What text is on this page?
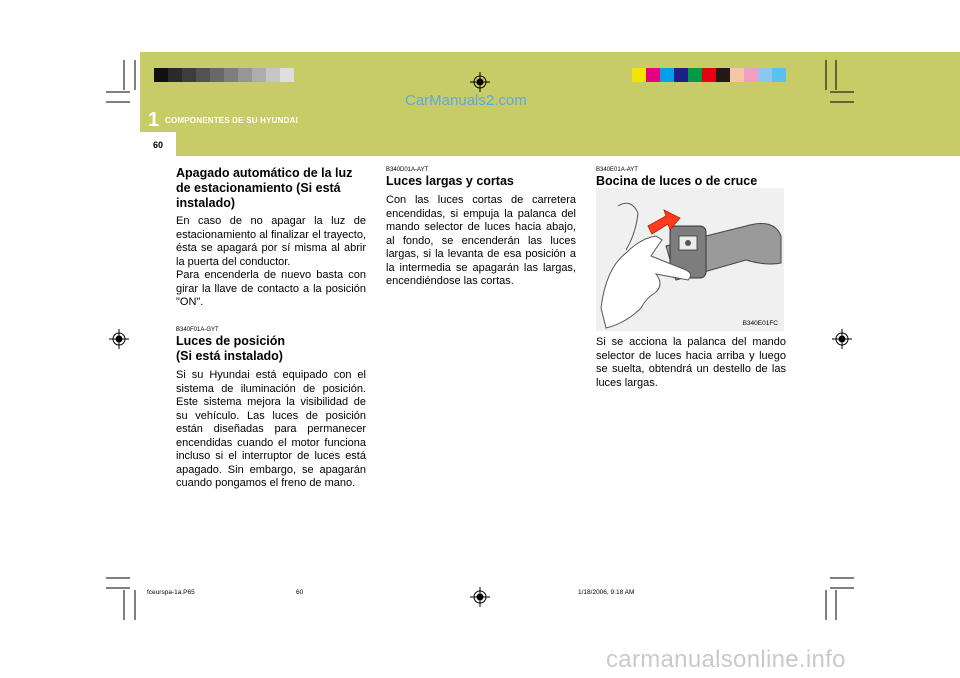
1 COMPONENTES DE SU HYUNDAI
60
CarManuals2.com
carmanualsonline.info
Apagado automático de la luz de estacionamiento (Si está instalado)

En caso de no apagar la luz de estacionamiento al finalizar el trayecto, ésta se apagará por sí misma al abrir la puerta del conductor.

Para encenderla de nuevo basta con girar la llave de contacto a la posición "ON".

B340F01A-GYT
Luces de posición
(Si está instalado)

Si su Hyundai está equipado con el sistema de iluminación de posición. Este sistema mejora la visibilidad de su vehículo. Las luces de posición están diseñadas para permanecer encendidas cuando el motor funciona incluso si el interruptor de luces está apagado. Sin embargo, se apagarán cuando pongamos el freno de mano.

B340D01A-AYT
Luces largas y cortas

Con las luces cortas de carretera encendidas, si empuja la palanca del mando selector de luces hacia abajo, al fondo, se encenderán las luces largas, si la levanta de esa posición a la intermedia se apagarán las largas, encendiéndose las cortas.

B340E01A-AYT
Bocina de luces o de cruce
B340E01FC

Si se acciona la palanca del mando selector de luces hacia arriba y luego se suelta, obtendrá un destello de las luces largas.

fceurspa-1a.P65	60	1/18/2006, 9:18 AM
